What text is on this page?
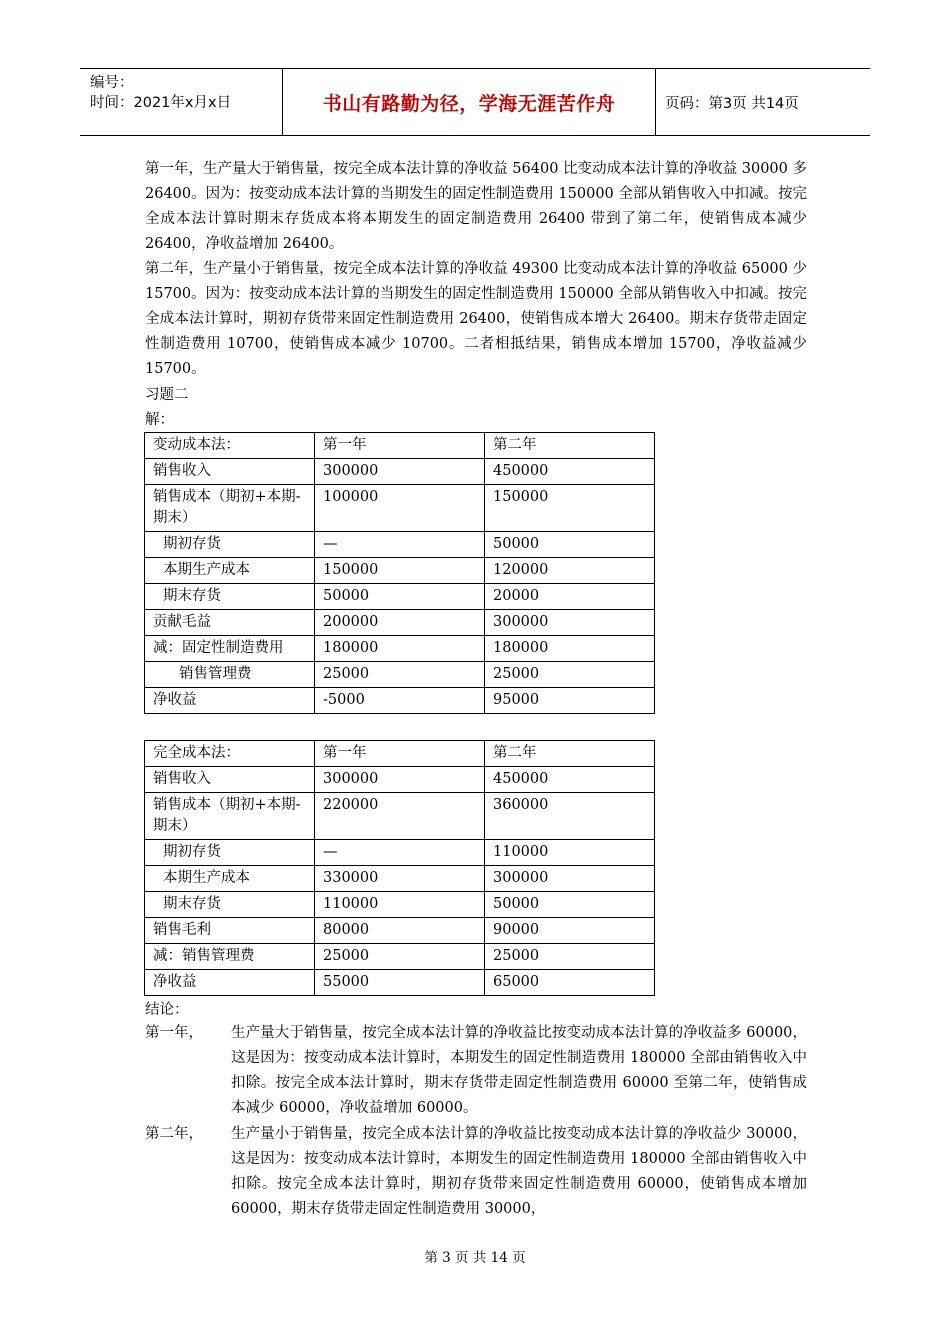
编号：
时间：2021年x月x日	书山有路勤为径，学海无涯苦作舟	页码：第3页 共14页
第一年，生产量大于销售量，按完全成本法计算的净收益 56400 比变动成本法计算的净收益 30000 多 26400。因为：按变动成本法计算的当期发生的固定性制造费用 150000 全部从销售收入中扣减。按完全成本法计算时期末存货成本将本期发生的固定制造费用 26400 带到了第二年，使销售成本减少 26400，净收益增加 26400。
第二年，生产量小于销售量，按完全成本法计算的净收益 49300 比变动成本法计算的净收益 65000 少 15700。因为：按变动成本法计算的当期发生的固定性制造费用 150000 全部从销售收入中扣减。按完全成本法计算时，期初存货带来固定性制造费用 26400，使销售成本增大 26400。期末存货带走固定性制造费用 10700，使销售成本减少 10700。二者相抵结果，销售成本增加 15700，净收益减少 15700。
习题二
解：
变动成本法：	第一年	第二年
销售收入	300000	450000
销售成本（期初+本期-期末）	100000	150000
期初存货	—	50000
本期生产成本	150000	120000
期末存货	50000	20000
贡献毛益	200000	300000
减：固定性制造费用	180000	180000
销售管理费	25000	25000
净收益	-5000	95000
完全成本法：	第一年	第二年
销售收入	300000	450000
销售成本（期初+本期-期末）	220000	360000
期初存货	—	110000
本期生产成本	330000	300000
期末存货	110000	50000
销售毛利	80000	90000
减：销售管理费	25000	25000
净收益	55000	65000
结论：
第一年，	生产量大于销售量，按完全成本法计算的净收益比按变动成本法计算的净收益多 60000，这是因为：按变动成本法计算时，本期发生的固定性制造费用 180000 全部由销售收入中扣除。按完全成本法计算时，期末存货带走固定性制造费用 60000 至第二年，使销售成本减少 60000，净收益增加 60000。
第二年，	生产量小于销售量，按完全成本法计算的净收益比按变动成本法计算的净收益少 30000，这是因为：按变动成本法计算时，本期发生的固定性制造费用 180000 全部由销售收入中扣除。按完全成本法计算时，期初存货带来固定性制造费用 60000，使销售成本增加 60000，期末存货带走固定性制造费用 30000，
第 3 页 共 14 页
